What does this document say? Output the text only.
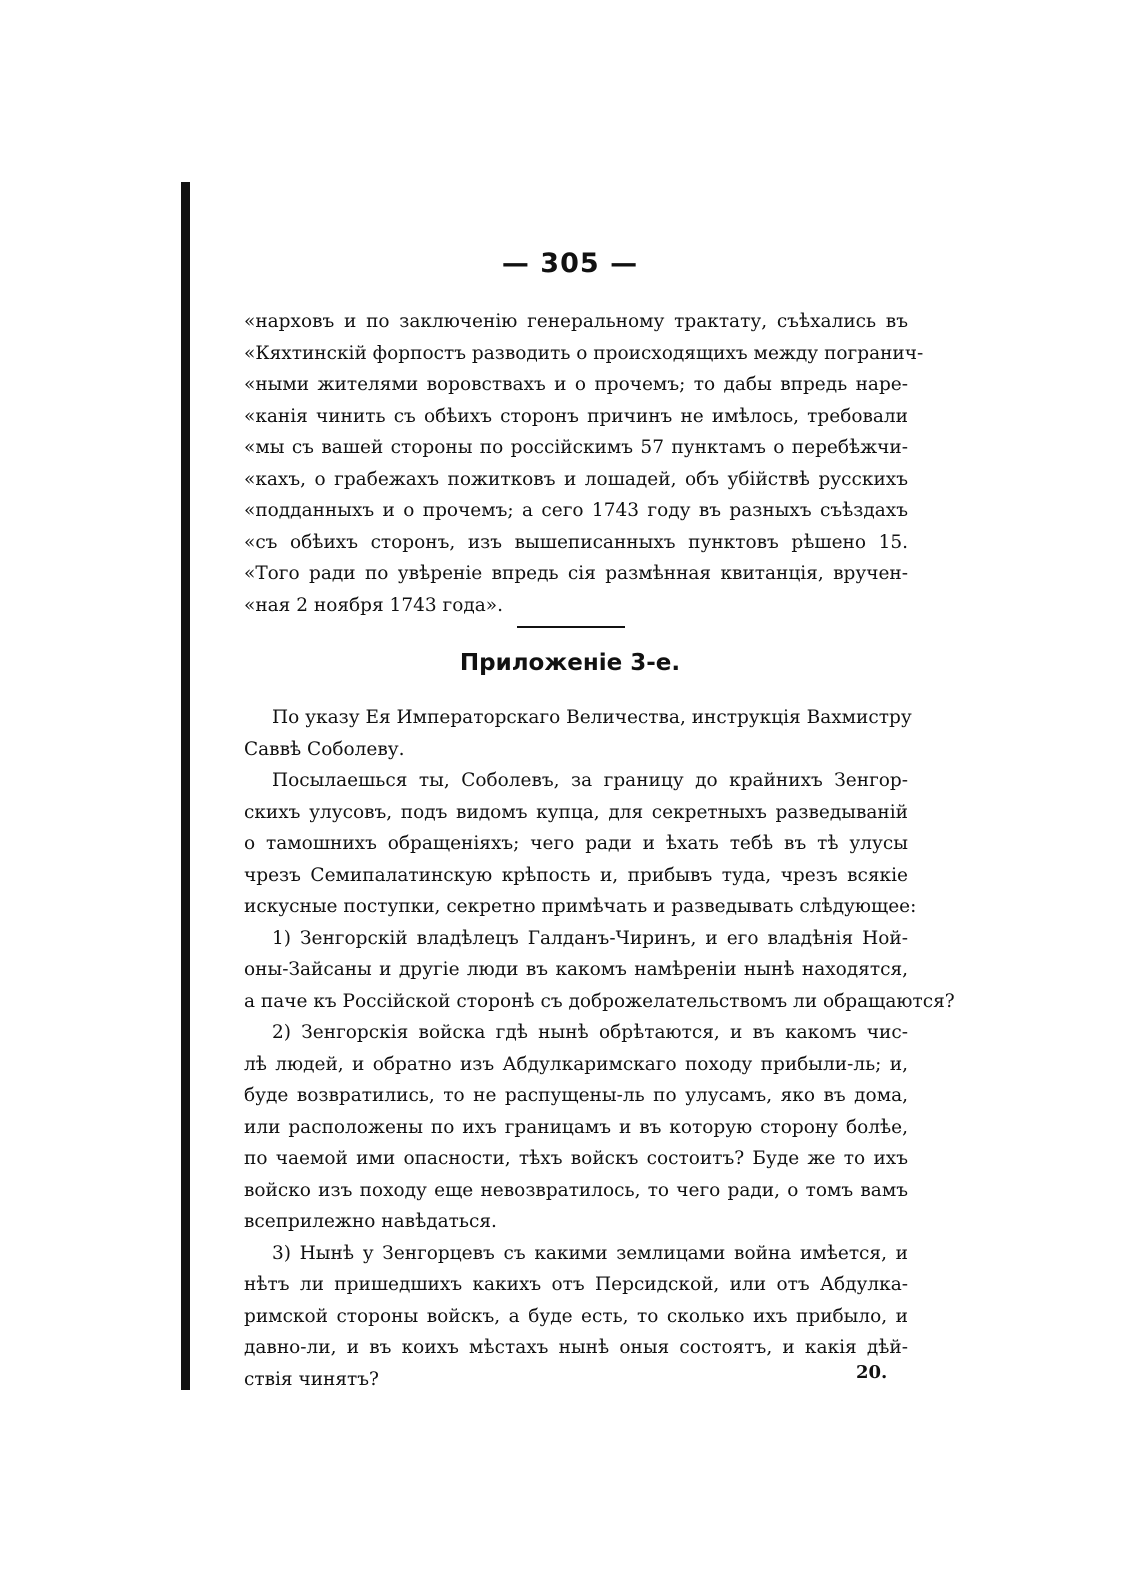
— 305 —
«нарховъ и по заключенiю генеральному трактату, съѣхались въ
«Кяхтинскiй форпостъ разводить о происходящихъ между погранич-
«ными жителями воровствахъ и о прочемъ; то дабы впредь наре-
«канiя чинить съ обѣихъ сторонъ причинъ не имѣлось, требовали
«мы съ вашей стороны по россiйскимъ 57 пунктамъ о перебѣжчи-
«кахъ, о грабежахъ пожитковъ и лошадей, объ убiйствѣ русскихъ
«подданныхъ и о прочемъ; а сего 1743 году въ разныхъ съѣздахъ
«съ обѣихъ сторонъ, изъ вышеписанныхъ пунктовъ рѣшено 15.
«Того ради по увѣренiе впредь сiя размѣнная квитанцiя, вручен-
«ная 2 ноября 1743 года».
Приложенiе 3-е.
По указу Ея Императорскаго Величества, инструкцiя Вахмистру
Саввѣ Соболеву.
Посылаешься ты, Соболевъ, за границу до крайнихъ Зенгор-
скихъ улусовъ, подъ видомъ купца, для секретныхъ разведыванiй
о тамошнихъ обращенiяхъ; чего ради и ѣхать тебѣ въ тѣ улусы
чрезъ Семипалатинскую крѣпость и, прибывъ туда, чрезъ всякiе
искусные поступки, секретно примѣчать и разведывать слѣдующее:
1) Зенгорскiй владѣлецъ Галданъ-Чиринъ, и его владѣнiя Ной-
оны-Зайсаны и другiе люди въ какомъ намѣренiи нынѣ находятся,
а паче къ Россiйской сторонѣ съ доброжелательствомъ ли обращаются?
2) Зенгорскiя войска гдѣ нынѣ обрѣтаются, и въ какомъ чис-
лѣ людей, и обратно изъ Абдулкаримскаго походу прибыли-ль; и,
буде возвратились, то не распущены-ль по улусамъ, яко въ дома,
или расположены по ихъ границамъ и въ которую сторону болѣе,
по чаемой ими опасности, тѣхъ войскъ состоитъ? Буде же то ихъ
войско изъ походу еще невозвратилось, то чего ради, о томъ вамъ
всеприлежно навѣдаться.
3) Нынѣ у Зенгорцевъ съ какими землицами война имѣется, и
нѣтъ ли пришедшихъ какихъ отъ Персидской, или отъ Абдулка-
римской стороны войскъ, а буде есть, то сколько ихъ прибыло, и
давно-ли, и въ коихъ мѣстахъ нынѣ оныя состоятъ, и какiя дѣй-
ствiя чинятъ?	20.
